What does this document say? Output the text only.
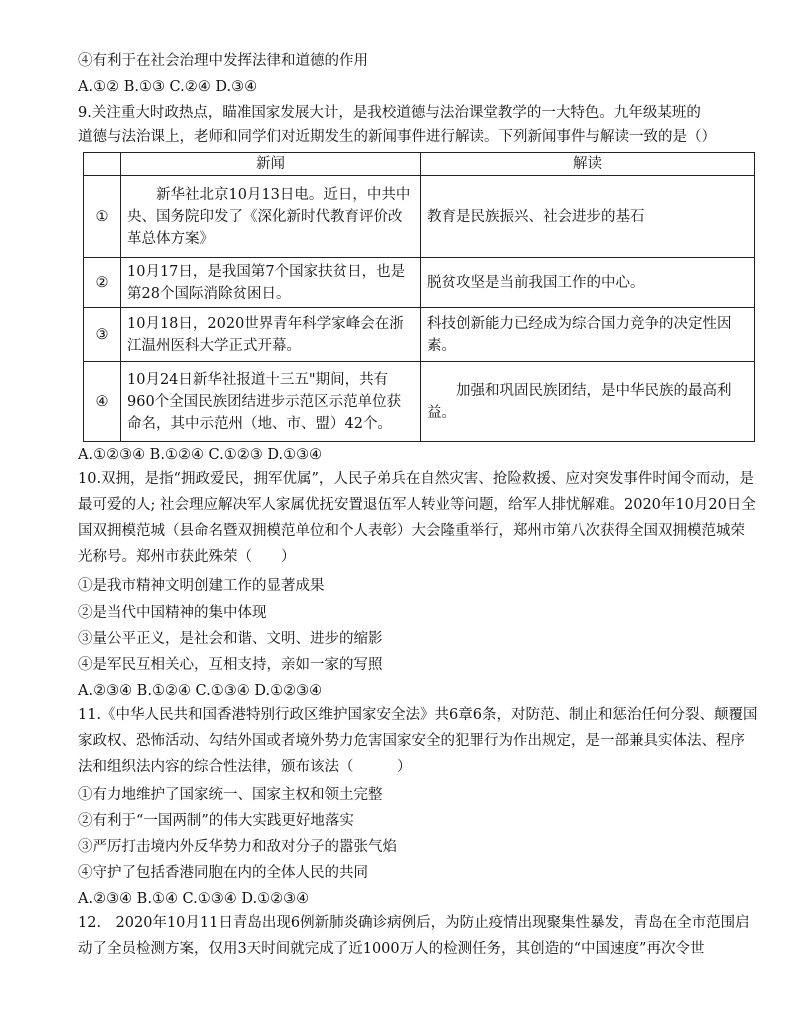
④有利于在社会治理中发挥法律和道德的作用
A.①② B.①③ C.②④ D.③④
9.关注重大时政热点，瞄准国家发展大计，是我校道德与法治课堂教学的一大特色。九年级某班的
道德与法治课上，老师和同学们对近期发生的新闻事件进行解读。下列新闻事件与解读一致的是（）
	新闻	解读
①	　　新华社北京10月13日电。近日，中共中央、国务院印发了《深化新时代教育评价改革总体方案》	教育是民族振兴、社会进步的基石
②	10月17日，是我国第7个国家扶贫日，也是第28个国际消除贫困日。	脱贫攻坚是当前我国工作的中心。
③	10月18日，2020世界青年科学家峰会在浙江温州医科大学正式开幕。	科技创新能力已经成为综合国力竞争的决定性因素。
④	10月24日新华社报道十三五"期间，共有960个全国民族团结进步示范区示范单位获命名，其中示范州（地、市、盟）42个。	　　加强和巩固民族团结，是中华民族的最高利益。
A.①②③④ B.①②④ C.①②③ D.①③④
10.双拥，是指“拥政爱民，拥军优属”，人民子弟兵在自然灾害、抢险救援、应对突发事件时闻令而动，是最可爱的人; 社会理应解决军人家属优抚安置退伍军人转业等问题，给军人排忧解难。2020年10月20日全国双拥模范城（县命名暨双拥模范单位和个人表彰）大会隆重举行，郑州市第八次获得全国双拥模范城荣光称号。郑州市获此殊荣（　　）
①是我市精神文明创建工作的显著成果
②是当代中国精神的集中体现
③量公平正义，是社会和谐、文明、进步的缩影
④是军民互相关心，互相支持，亲如一家的写照
A.②③④ B.①②④ C.①③④ D.①②③④
11.《中华人民共和国香港特别行政区维护国家安全法》共6章6条，对防范、制止和惩治任何分裂、颠覆国家政权、恐怖活动、勾结外国或者境外势力危害国家安全的犯罪行为作出规定，是一部兼具实体法、程序法和组织法内容的综合性法律，颁布该法（　　　）
①有力地维护了国家统一、国家主权和领土完整
②有利于“一国两制”的伟大实践更好地落实
③严厉打击境内外反华势力和敌对分子的嚣张气焰
④守护了包括香港同胞在内的全体人民的共同
A.②③④ B.①④ C.①③④ D.①②③④
12.　2020年10月11日青岛出现6例新肺炎确诊病例后，为防止疫情出现聚集性暴发，青岛在全市范围启动了全员检测方案，仅用3天时间就完成了近1000万人的检测任务，其创造的“中国速度”再次令世
